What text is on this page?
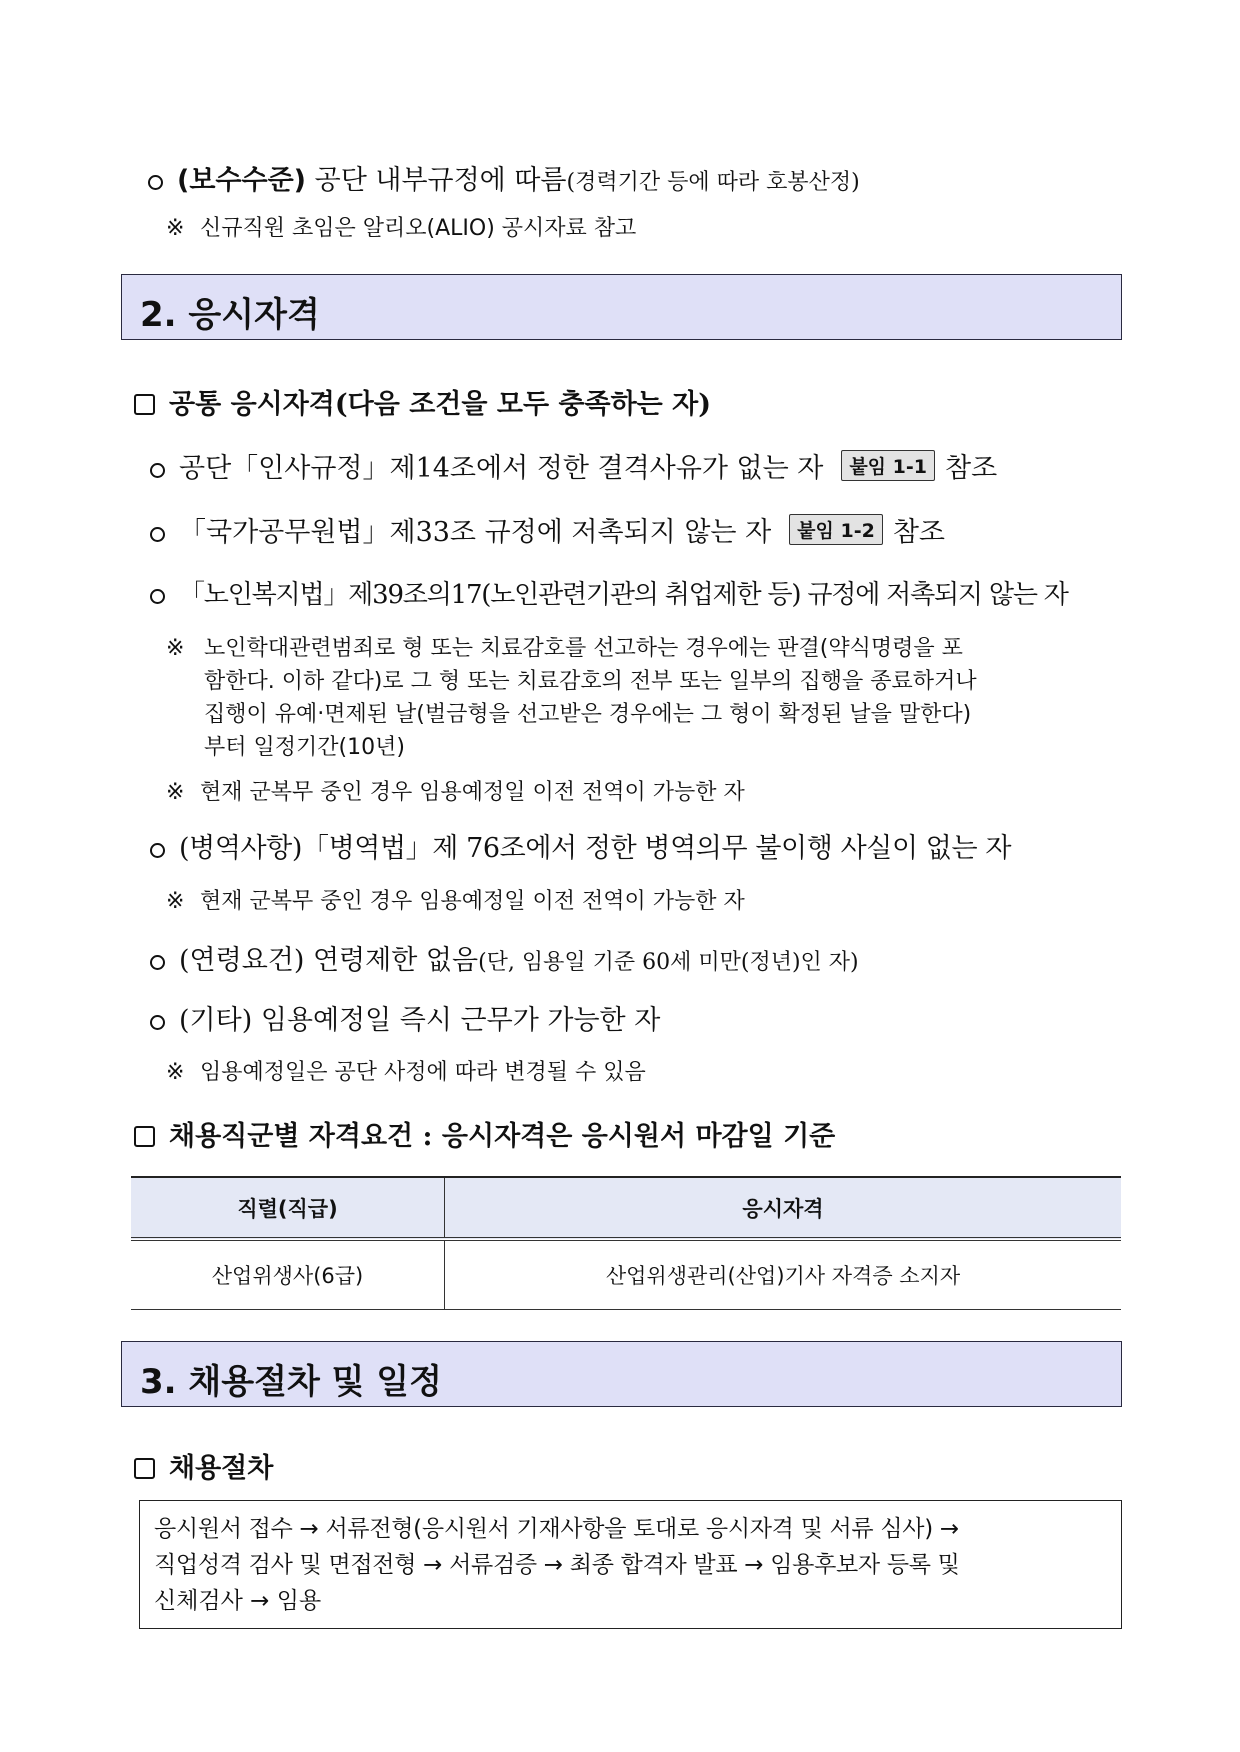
(보수수준) 공단 내부규정에 따름(경력기간 등에 따라 호봉산정)
※ 신규직원 초임은 알리오(ALIO) 공시자료 참고
2. 응시자격
공통 응시자격(다음 조건을 모두 충족하는 자)
공단「인사규정」제14조에서 정한 결격사유가 없는 자 붙임 1-1 참조
「국가공무원법」제33조 규정에 저촉되지 않는 자 붙임 1-2 참조
「노인복지법」제39조의17(노인관련기관의 취업제한 등) 규정에 저촉되지 않는 자
※ 노인학대관련범죄로 형 또는 치료감호를 선고하는 경우에는 판결(약식명령을 포
함한다. 이하 같다)로 그 형 또는 치료감호의 전부 또는 일부의 집행을 종료하거나
집행이 유예‧면제된 날(벌금형을 선고받은 경우에는 그 형이 확정된 날을 말한다)
부터 일정기간(10년)
※ 현재 군복무 중인 경우 임용예정일 이전 전역이 가능한 자
(병역사항)「병역법」제 76조에서 정한 병역의무 불이행 사실이 없는 자
※ 현재 군복무 중인 경우 임용예정일 이전 전역이 가능한 자
(연령요건) 연령제한 없음(단, 임용일 기준 60세 미만(정년)인 자)
(기타) 임용예정일 즉시 근무가 가능한 자
※ 임용예정일은 공단 사정에 따라 변경될 수 있음
채용직군별 자격요건 : 응시자격은 응시원서 마감일 기준
직렬(직급)	응시자격
산업위생사(6급)	산업위생관리(산업)기사 자격증 소지자
3. 채용절차 및 일정
채용절차
응시원서 접수 → 서류전형(응시원서 기재사항을 토대로 응시자격 및 서류 심사) →
직업성격 검사 및 면접전형 → 서류검증 → 최종 합격자 발표 → 임용후보자 등록 및
신체검사 → 임용
